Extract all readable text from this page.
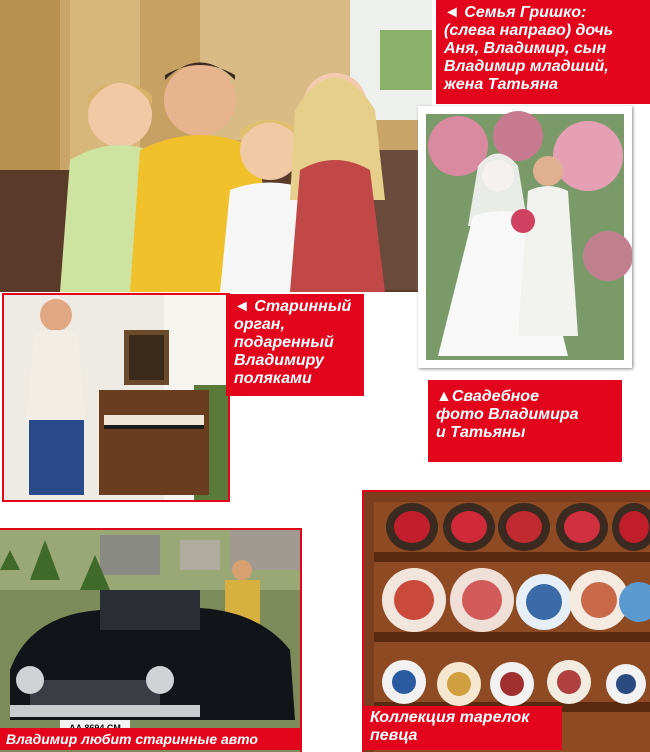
◄ Семья Гришко:
(слева направо) дочь
Аня, Владимир, сын
Владимир младший,
жена Татьяна
◄ Старинный
орган,
подаренный
Владимиру
поляками
▲Свадебное
фото Владимира
и Татьяны
Владимир любит старинные авто
Коллекция тарелок
певца
